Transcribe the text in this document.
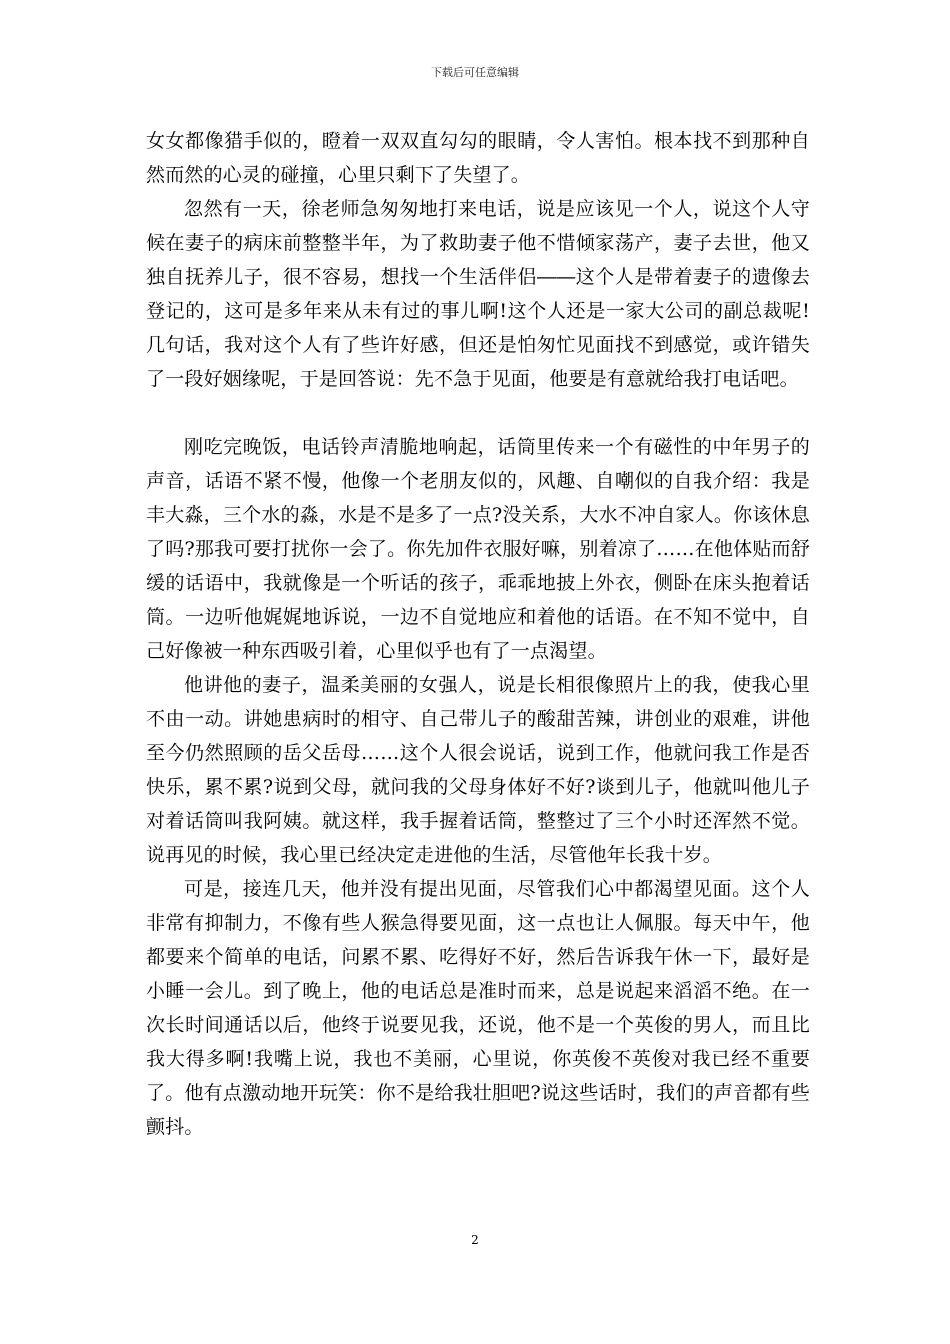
下载后可任意编辑

女女都像猎手似的，瞪着一双双直勾勾的眼睛，令人害怕。根本找不到那种自然而然的心灵的碰撞，心里只剩下了失望了。

忽然有一天，徐老师急匆匆地打来电话，说是应该见一个人，说这个人守候在妻子的病床前整整半年，为了救助妻子他不惜倾家荡产，妻子去世，他又独自抚养儿子，很不容易，想找一个生活伴侣――这个人是带着妻子的遗像去登记的，这可是多年来从未有过的事儿啊!这个人还是一家大公司的副总裁呢!几句话，我对这个人有了些许好感，但还是怕匆忙见面找不到感觉，或许错失了一段好姻缘呢，于是回答说：先不急于见面，他要是有意就给我打电话吧。

刚吃完晚饭，电话铃声清脆地响起，话筒里传来一个有磁性的中年男子的声音，话语不紧不慢，他像一个老朋友似的，风趣、自嘲似的自我介绍：我是丰大淼，三个水的淼，水是不是多了一点?没关系，大水不冲自家人。你该休息了吗?那我可要打扰你一会了。你先加件衣服好嘛，别着凉了……在他体贴而舒缓的话语中，我就像是一个听话的孩子，乖乖地披上外衣，侧卧在床头抱着话筒。一边听他娓娓地诉说，一边不自觉地应和着他的话语。在不知不觉中，自己好像被一种东西吸引着，心里似乎也有了一点渴望。

他讲他的妻子，温柔美丽的女强人，说是长相很像照片上的我，使我心里不由一动。讲她患病时的相守、自己带儿子的酸甜苦辣，讲创业的艰难，讲他至今仍然照顾的岳父岳母……这个人很会说话，说到工作，他就问我工作是否快乐，累不累?说到父母，就问我的父母身体好不好?谈到儿子，他就叫他儿子对着话筒叫我阿姨。就这样，我手握着话筒，整整过了三个小时还浑然不觉。说再见的时候，我心里已经决定走进他的生活，尽管他年长我十岁。

可是，接连几天，他并没有提出见面，尽管我们心中都渴望见面。这个人非常有抑制力，不像有些人猴急得要见面，这一点也让人佩服。每天中午，他都要来个简单的电话，问累不累、吃得好不好，然后告诉我午休一下，最好是小睡一会儿。到了晚上，他的电话总是准时而来，总是说起来滔滔不绝。在一次长时间通话以后，他终于说要见我，还说，他不是一个英俊的男人，而且比我大得多啊!我嘴上说，我也不美丽，心里说，你英俊不英俊对我已经不重要了。他有点激动地开玩笑：你不是给我壮胆吧?说这些话时，我们的声音都有些颤抖。

2
